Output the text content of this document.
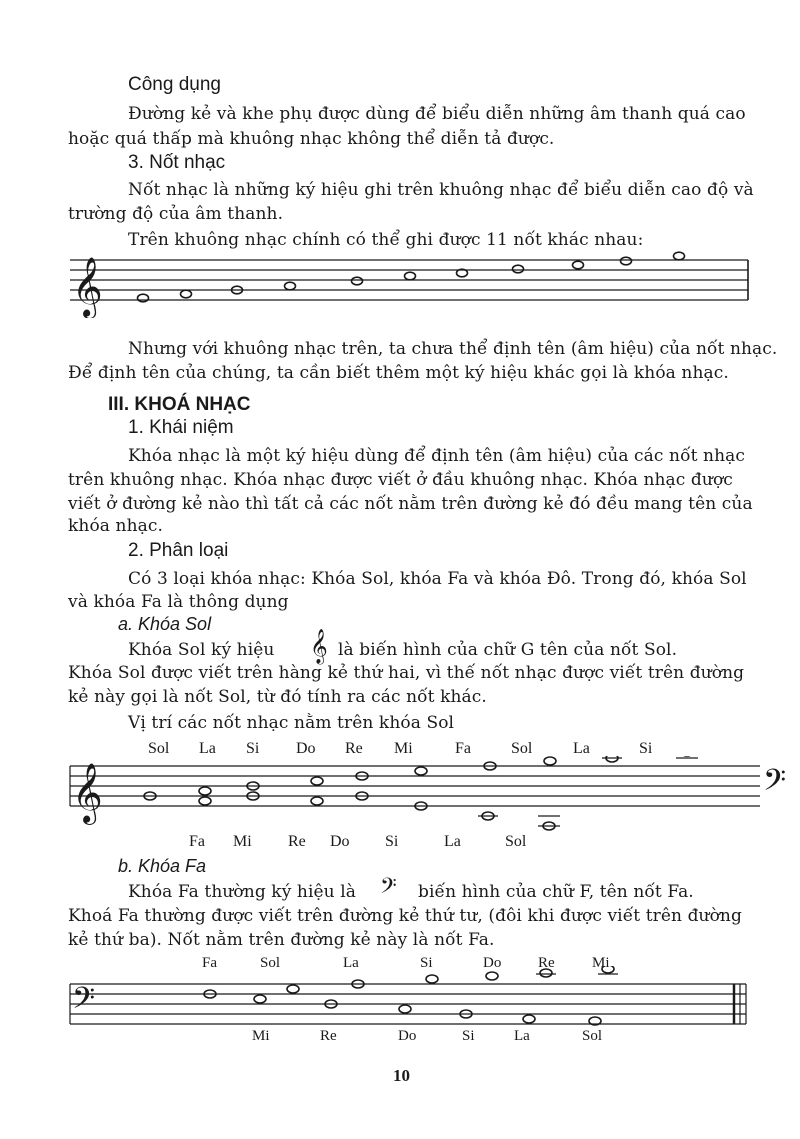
Công dụng
Đường kẻ và khe phụ được dùng để biểu diễn những âm thanh quá cao
hoặc quá thấp mà khuông nhạc không thể diễn tả được.
3. Nốt nhạc
Nốt nhạc là những ký hiệu ghi trên khuông nhạc để biểu diễn cao độ và
trường độ của âm thanh.
Trên khuông nhạc chính có thể ghi được 11 nốt khác nhau:
𝄞
Nhưng với khuông nhạc trên, ta chưa thể định tên (âm hiệu) của nốt nhạc.
Để định tên của chúng, ta cần biết thêm một ký hiệu khác gọi là khóa nhạc.
III. KHOÁ NHẠC
1. Khái niệm
Khóa nhạc là một ký hiệu dùng để định tên (âm hiệu) của các nốt nhạc
trên khuông nhạc. Khóa nhạc được viết ở đầu khuông nhạc. Khóa nhạc được
viết ở đường kẻ nào thì tất cả các nốt nằm trên đường kẻ đó đều mang tên của
khóa nhạc.
2. Phân loại
Có 3 loại khóa nhạc: Khóa Sol, khóa Fa và khóa Đô. Trong đó, khóa Sol
và khóa Fa là thông dụng
a. Khóa Sol
Khóa Sol ký hiệu 𝄞 là biến hình của chữ G tên của nốt Sol.
Khóa Sol được viết trên hàng kẻ thứ hai, vì thế nốt nhạc được viết trên đường
kẻ này gọi là nốt Sol, từ đó tính ra các nốt khác.
Vị trí các nốt nhạc nằm trên khóa Sol
Sol La Si Do Re Mi	Fa	Sol	La	Si
𝄞	𝄢
Fa Mi Re Do Si	La	Sol
b. Khóa Fa
Khóa Fa thường ký hiệu là 𝄢 biến hình của chữ F, tên nốt Fa.
Khoá Fa thường được viết trên đường kẻ thứ tư, (đôi khi được viết trên đường
kẻ thứ ba). Nốt nằm trên đường kẻ này là nốt Fa.
Fa	Sol	La	Si	Do Re Mi
𝄢
Mi	Re	Do	Si	La	Sol
10
